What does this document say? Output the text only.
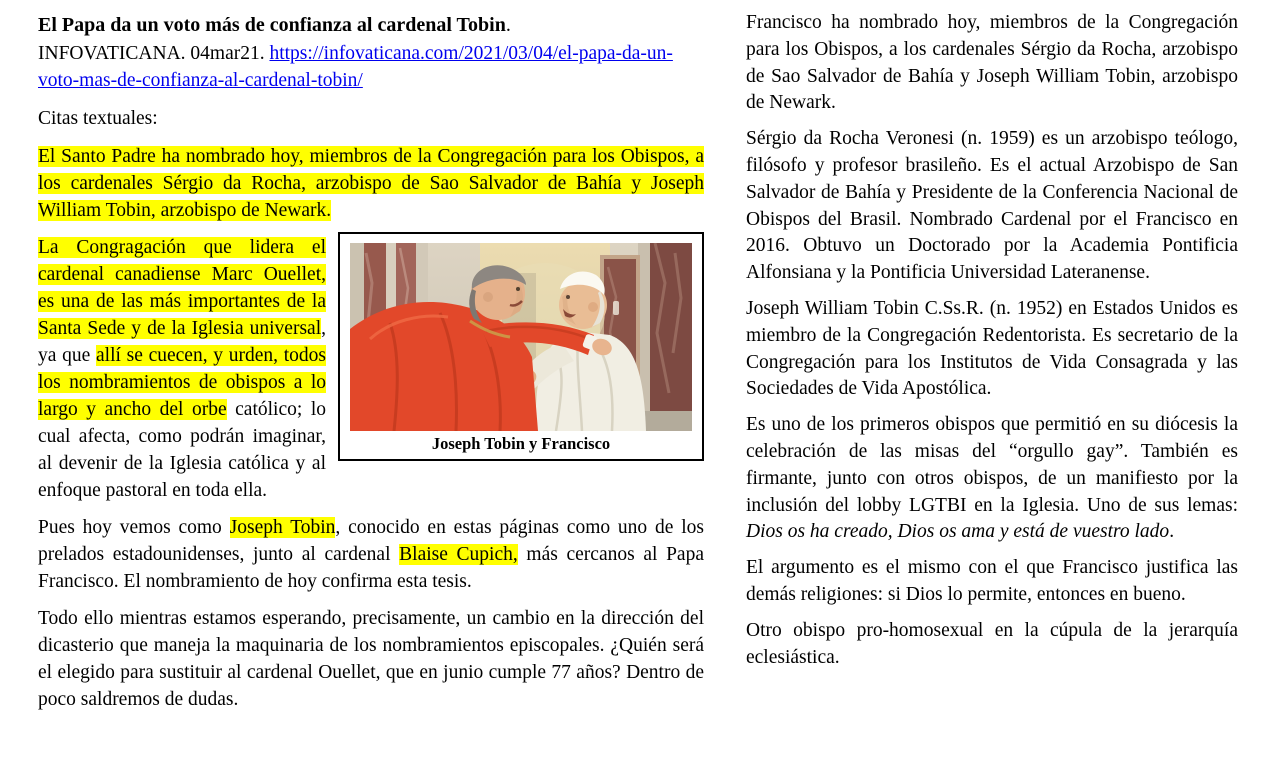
El Papa da un voto más de confianza al cardenal Tobin.

INFOVATICANA. 04mar21. https://infovaticana.com/2021/03/04/el-papa-da-un-voto-mas-de-confianza-al-cardenal-tobin/

Citas textuales:

El Santo Padre ha nombrado hoy, miembros de la Congregación para los Obispos, a los cardenales Sérgio da Rocha, arzobispo de Sao Salvador de Bahía y Joseph William Tobin, arzobispo de Newark.

Joseph Tobin y Francisco

La Congragación que lidera el cardenal canadiense Marc Ouellet, es una de las más importantes de la Santa Sede y de la Iglesia universal, ya que allí se cuecen, y urden, todos los nombramientos de obispos a lo largo y ancho del orbe católico; lo cual afecta, como podrán imaginar, al devenir de la Iglesia católica y al enfoque pastoral en toda ella.

Pues hoy vemos como Joseph Tobin, conocido en estas páginas como uno de los prelados estadounidenses, junto al cardenal Blaise Cupich, más cercanos al Papa Francisco. El nombramiento de hoy confirma esta tesis.

Todo ello mientras estamos esperando, precisamente, un cambio en la dirección del dicasterio que maneja la maquinaria de los nombramientos episcopales. ¿Quién será el elegido para sustituir al cardenal Ouellet, que en junio cumple 77 años? Dentro de poco saldremos de dudas.

Francisco ha nombrado hoy, miembros de la Congregación para los Obispos, a los cardenales Sérgio da Rocha, arzobispo de Sao Salvador de Bahía y Joseph William Tobin, arzobispo de Newark.

Sérgio da Rocha Veronesi (n. 1959) es un arzobispo teólogo, filósofo y profesor brasileño. Es el actual Arzobispo de San Salvador de Bahía y Presidente de la Conferencia Nacional de Obispos del Brasil. Nombrado Cardenal por el Francisco en 2016. Obtuvo un Doctorado por la Academia Pontificia Alfonsiana y la Pontificia Universidad Lateranense.

Joseph William Tobin C.Ss.R. (n. 1952) en Estados Unidos es miembro de la Congregación Redentorista. Es secretario de la Congregación para los Institutos de Vida Consagrada y las Sociedades de Vida Apostólica.

Es uno de los primeros obispos que permitió en su diócesis la celebración de las misas del “orgullo gay”. También es firmante, junto con otros obispos, de un manifiesto por la inclusión del lobby LGTBI en la Iglesia. Uno de sus lemas: Dios os ha creado, Dios os ama y está de vuestro lado.

El argumento es el mismo con el que Francisco justifica las demás religiones: si Dios lo permite, entonces en bueno.

Otro obispo pro-homosexual en la cúpula de la jerarquía eclesiástica.
